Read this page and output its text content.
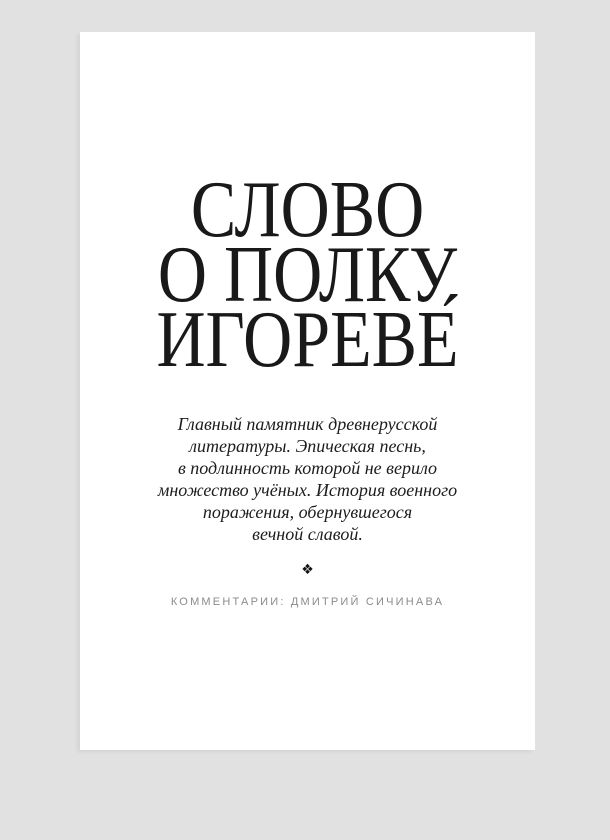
СЛОВО
О ПОЛКУ
ИГОРЕВЕ́
Главный памятник древнерусской
литературы. Эпическая песнь,
в подлинность которой не верило
множество учёных. История военного
поражения, обернувшегося
вечной славой.
❖
КОММЕНТАРИИ: ДМИТРИЙ СИЧИНАВА
